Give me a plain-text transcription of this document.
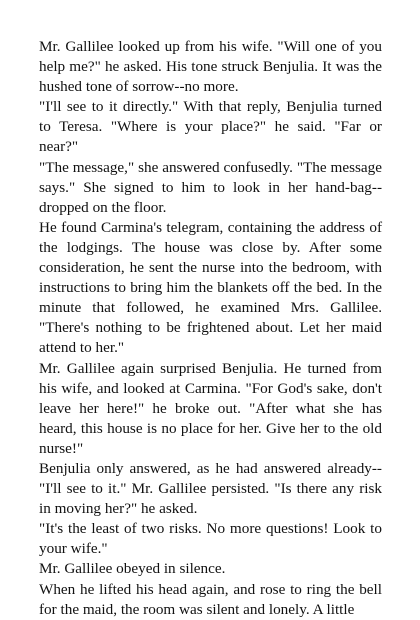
Mr. Gallilee looked up from his wife. "Will one of you help me?" he asked. His tone struck Benjulia. It was the hushed tone of sorrow--no more.

"I'll see to it directly." With that reply, Benjulia turned to Teresa. "Where is your place?" he said. "Far or near?"

"The message," she answered confusedly. "The message says." She signed to him to look in her hand-bag--dropped on the floor.

He found Carmina's telegram, containing the address of the lodgings. The house was close by. After some consideration, he sent the nurse into the bedroom, with instructions to bring him the blankets off the bed. In the minute that followed, he examined Mrs. Gallilee. "There's nothing to be frightened about. Let her maid attend to her."

Mr. Gallilee again surprised Benjulia. He turned from his wife, and looked at Carmina. "For God's sake, don't leave her here!" he broke out. "After what she has heard, this house is no place for her. Give her to the old nurse!"

Benjulia only answered, as he had answered already--"I'll see to it." Mr. Gallilee persisted. "Is there any risk in moving her?" he asked.

"It's the least of two risks. No more questions! Look to your wife."

Mr. Gallilee obeyed in silence.

When he lifted his head again, and rose to ring the bell for the maid, the room was silent and lonely. A little
